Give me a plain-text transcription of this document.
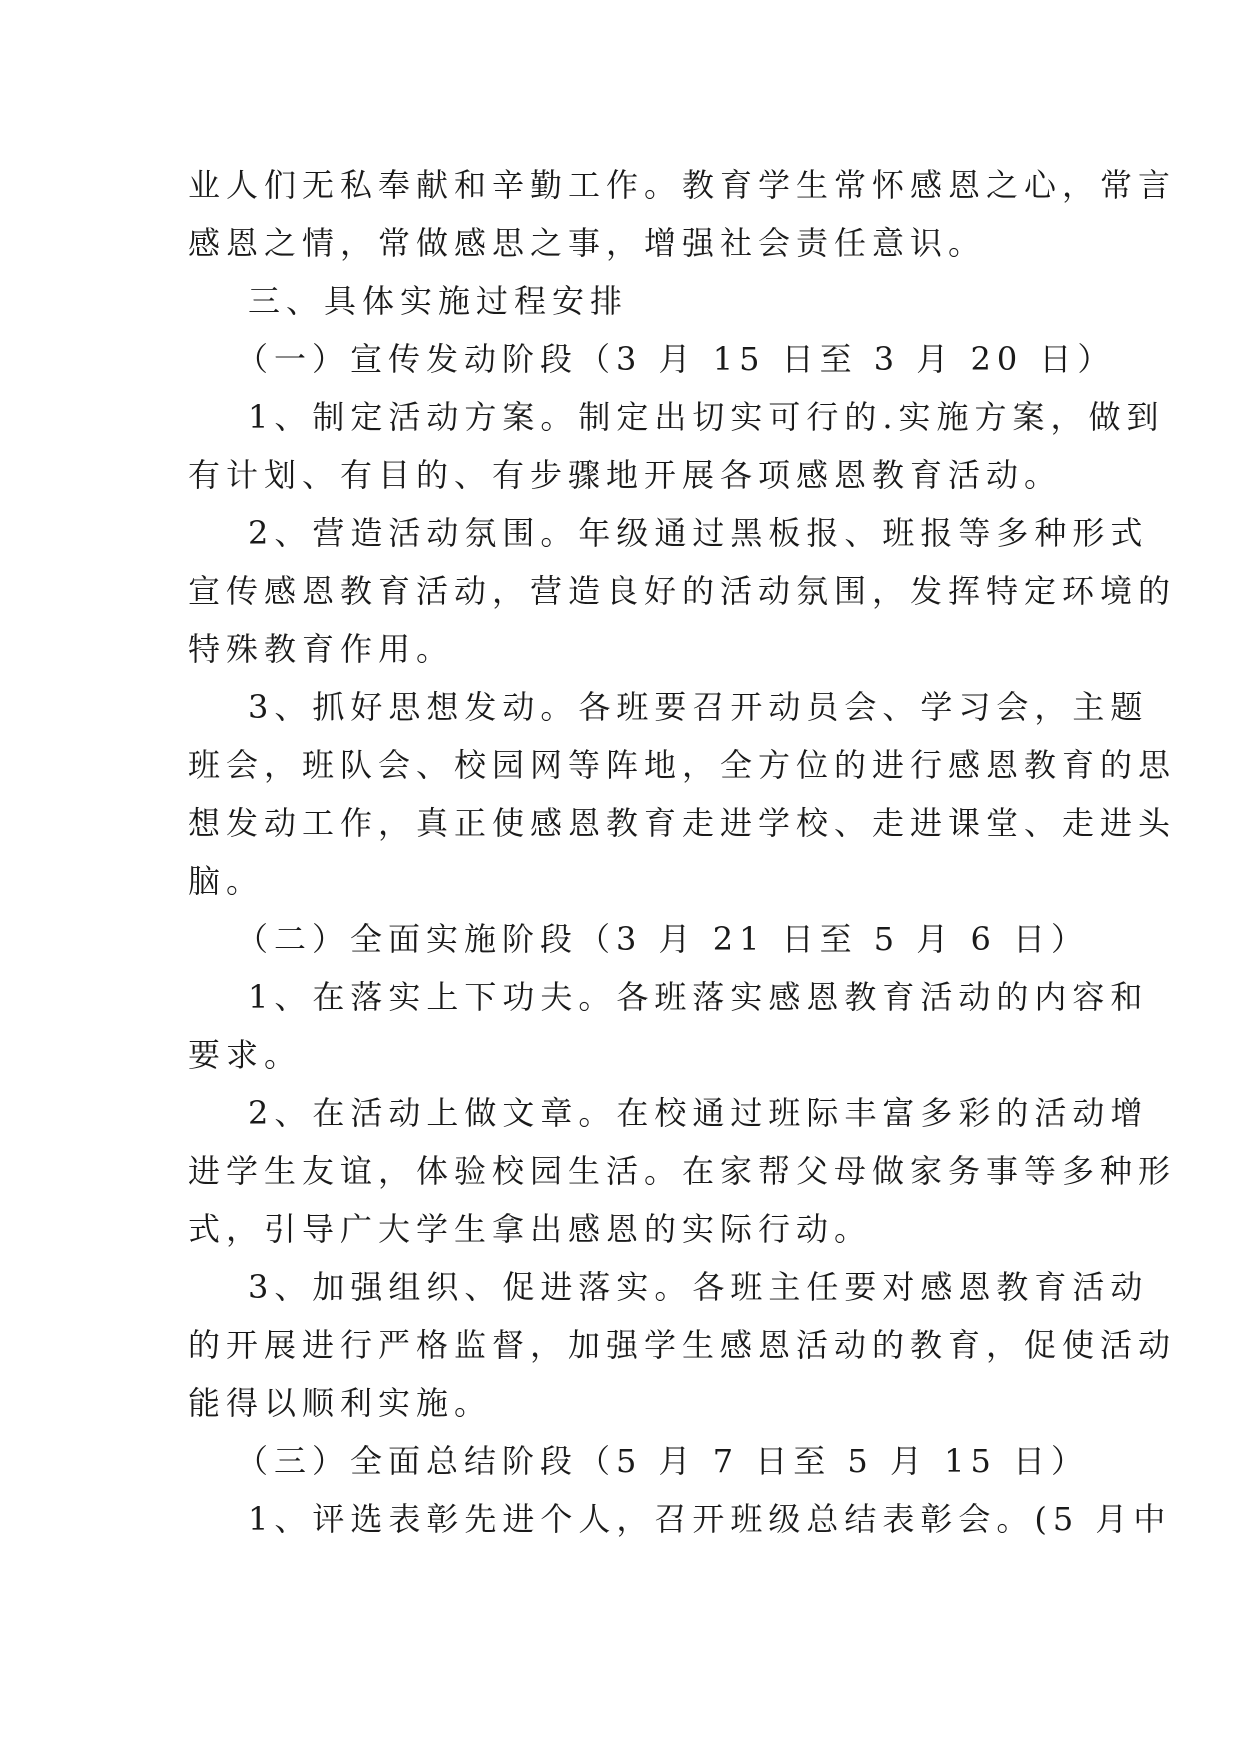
业人们无私奉献和辛勤工作。教育学生常怀感恩之心，常言
感恩之情，常做感思之事，增强社会责任意识。
三、具体实施过程安排
（一）宣传发动阶段（3 月 15 日至 3 月 20 日）
1、制定活动方案。制定出切实可行的.实施方案，做到
有计划、有目的、有步骤地开展各项感恩教育活动。
2、营造活动氛围。年级通过黑板报、班报等多种形式
宣传感恩教育活动，营造良好的活动氛围，发挥特定环境的
特殊教育作用。
3、抓好思想发动。各班要召开动员会、学习会，主题
班会，班队会、校园网等阵地，全方位的进行感恩教育的思
想发动工作，真正使感恩教育走进学校、走进课堂、走进头
脑。
（二）全面实施阶段（3 月 21 日至 5 月 6 日）
1、在落实上下功夫。各班落实感恩教育活动的内容和
要求。
2、在活动上做文章。在校通过班际丰富多彩的活动增
进学生友谊，体验校园生活。在家帮父母做家务事等多种形
式，引导广大学生拿出感恩的实际行动。
3、加强组织、促进落实。各班主任要对感恩教育活动
的开展进行严格监督，加强学生感恩活动的教育，促使活动
能得以顺利实施。
（三）全面总结阶段（5 月 7 日至 5 月 15 日）
1、评选表彰先进个人，召开班级总结表彰会。(5 月中
